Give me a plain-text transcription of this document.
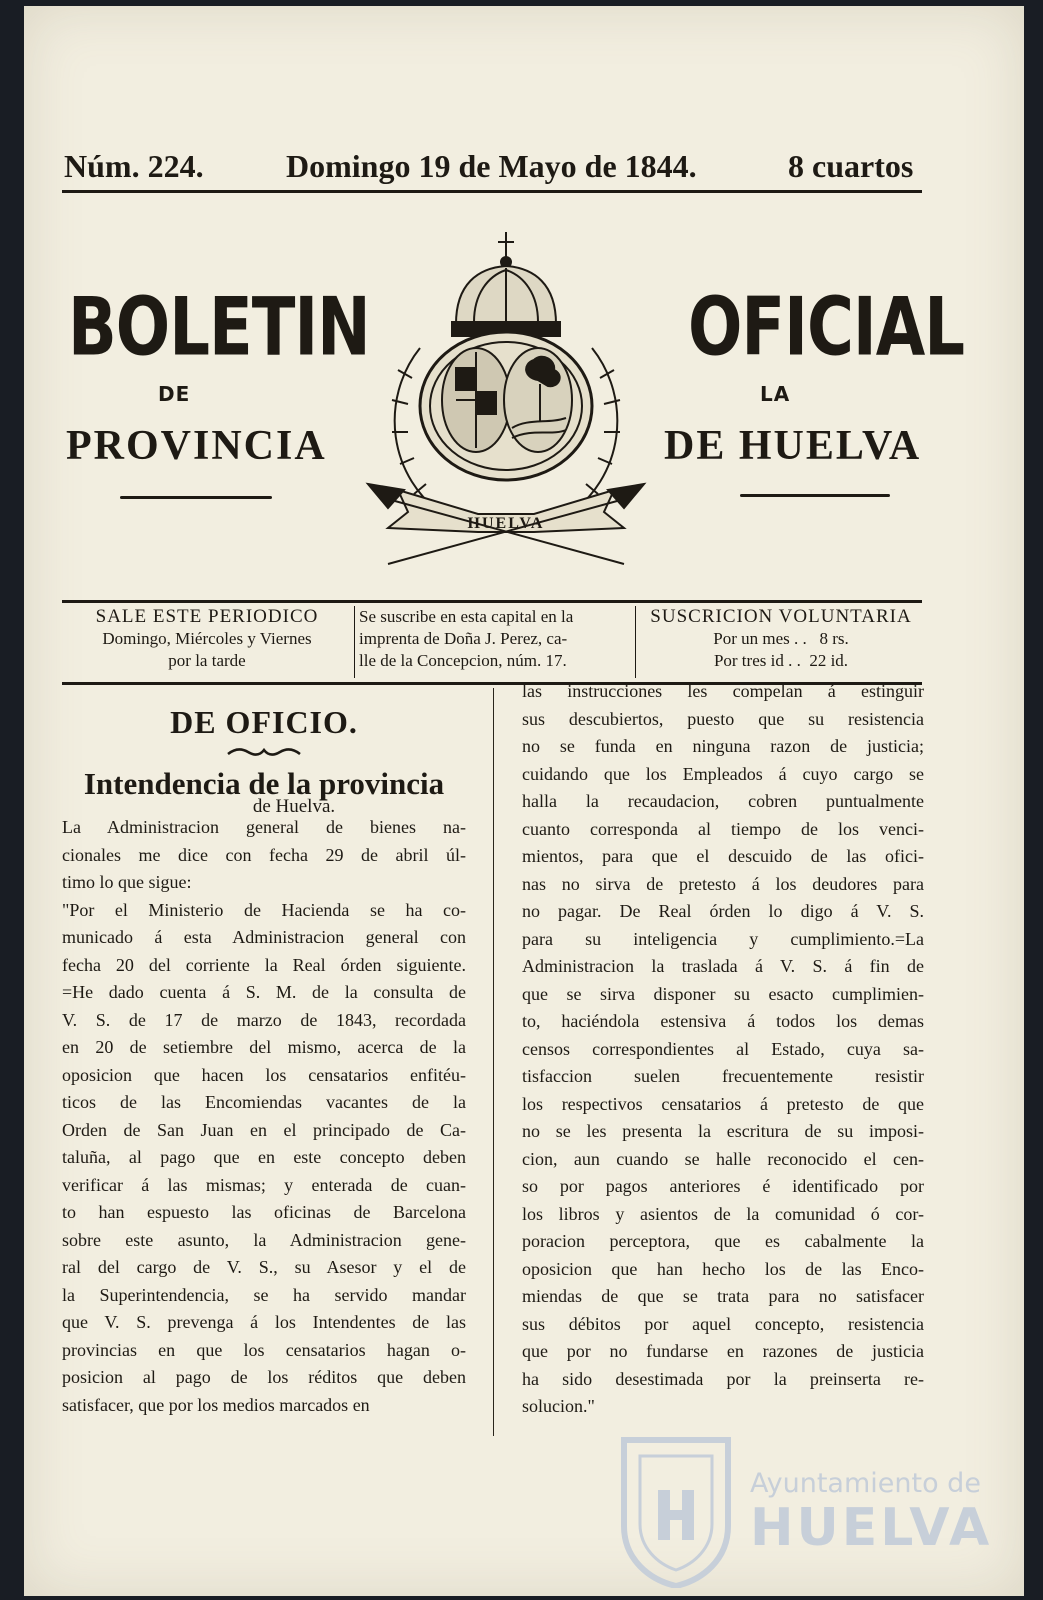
Núm. 224.	Domingo 19 de Mayo de 1844.	8 cuartos
BOLETIN
DE
PROVINCIA
OFICIAL
LA
DE HUELVA
HUELVA
SALE ESTE PERIODICO
Domingo, Miércoles y Viernes
por la tarde
Se suscribe en esta capital en la
imprenta de Doña J. Perez, ca-
lle de la Concepcion, núm. 17.
SUSCRICION VOLUNTARIA
Por un mes . .   8 rs.
Por tres id . .  22 id.
DE OFICIO.
Intendencia de la provincia
de Huelva.
La Administracion general de bienes na-
cionales me dice con fecha 29 de abril úl-
timo lo que sigue:
"Por el Ministerio de Hacienda se ha co-
municado á esta Administracion general con
fecha 20 del corriente la Real órden siguiente.
=He dado cuenta á S. M. de la consulta de
V. S. de 17 de marzo de 1843, recordada
en 20 de setiembre del mismo, acerca de la
oposicion que hacen los censatarios enfitéu-
ticos de las Encomiendas vacantes de la
Orden de San Juan en el principado de Ca-
taluña, al pago que en este concepto deben
verificar á las mismas; y enterada de cuan-
to han espuesto las oficinas de Barcelona
sobre este asunto, la Administracion gene-
ral del cargo de V. S., su Asesor y el de
la Superintendencia, se ha servido mandar
que V. S. prevenga á los Intendentes de las
provincias en que los censatarios hagan o-
posicion al pago de los réditos que deben
satisfacer, que por los medios marcados en
las instrucciones les compelan á estinguir
sus descubiertos, puesto que su resistencia
no se funda en ninguna razon de justicia;
cuidando que los Empleados á cuyo cargo se
halla la recaudacion, cobren puntualmente
cuanto corresponda al tiempo de los venci-
mientos, para que el descuido de las ofici-
nas no sirva de pretesto á los deudores para
no pagar. De Real órden lo digo á V. S.
para su inteligencia y cumplimiento.=La
Administracion la traslada á V. S. á fin de
que se sirva disponer su esacto cumplimien-
to, haciéndola estensiva á todos los demas
censos correspondientes al Estado, cuya sa-
tisfaccion suelen frecuentemente resistir
los respectivos censatarios á pretesto de que
no se les presenta la escritura de su imposi-
cion, aun cuando se halle reconocido el cen-
so por pagos anteriores é identificado por
los libros y asientos de la comunidad ó cor-
poracion perceptora, que es cabalmente la
oposicion que han hecho los de las Enco-
miendas de que se trata para no satisfacer
sus débitos por aquel concepto, resistencia
que por no fundarse en razones de justicia
ha sido desestimada por la preinserta re-
solucion."
Ayuntamiento de
HUELVA
